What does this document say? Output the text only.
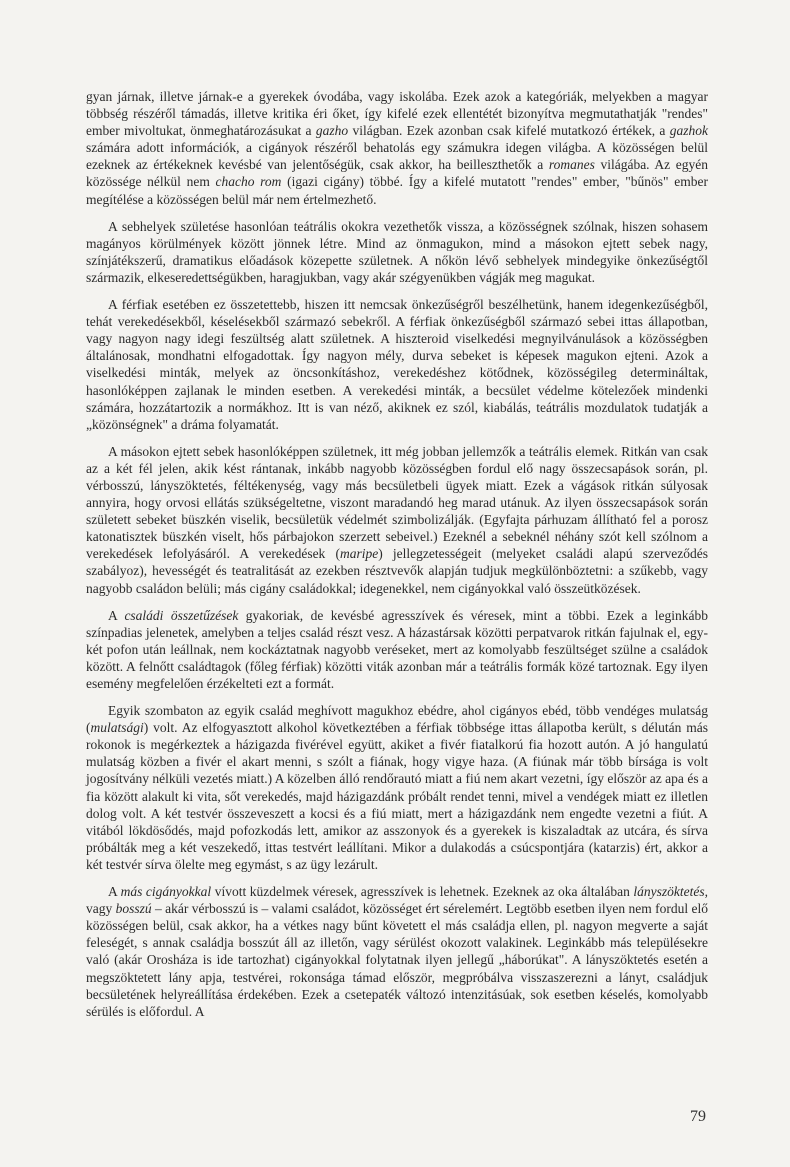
gyan járnak, illetve járnak-e a gyerekek óvodába, vagy iskolába. Ezek azok a kategóriák, melyekben a magyar többség részéről támadás, illetve kritika éri őket, így kifelé ezek ellentétét bizonyítva megmutathatják "rendes" ember mivoltukat, önmeghatározásukat a gazho világban. Ezek azonban csak kifelé mutatkozó értékek, a gazhok számára adott információk, a cigányok részéről behatolás egy számukra idegen világba. A közösségen belül ezeknek az értékeknek kevésbé van jelentőségük, csak akkor, ha beilleszthetők a romanes világába. Az egyén közössége nélkül nem chacho rom (igazi cigány) többé. Így a kifelé mutatott "rendes" ember, "bűnös" ember megítélése a közösségen belül már nem értelmezhető.

A sebhelyek születése hasonlóan teátrális okokra vezethetők vissza, a közösségnek szólnak, hiszen sohasem magányos körülmények között jönnek létre. Mind az önmagukon, mind a másokon ejtett sebek nagy, színjátékszerű, dramatikus előadások közepette születnek. A nőkön lévő sebhelyek mindegyike önkezűségtől származik, elkeseredettségükben, haragjukban, vagy akár szégyenükben vágják meg magukat.

A férfiak esetében ez összetettebb, hiszen itt nemcsak önkezűségről beszélhetünk, hanem idegenkezűségből, tehát verekedésekből, késelésekből származó sebekről. A férfiak önkezűségből származó sebei ittas állapotban, vagy nagyon nagy idegi feszültség alatt születnek. A hiszteroid viselkedési megnyilvánulások a közösségben általánosak, mondhatni elfogadottak. Így nagyon mély, durva sebeket is képesek magukon ejteni. Azok a viselkedési minták, melyek az öncsonkításhoz, verekedéshez kötődnek, közösségileg determináltak, hasonlóképpen zajlanak le minden esetben. A verekedési minták, a becsület védelme kötelezőek mindenki számára, hozzátartozik a normákhoz. Itt is van néző, akiknek ez szól, kiabálás, teátrális mozdulatok tudatják a „közönségnek" a dráma folyamatát.

A másokon ejtett sebek hasonlóképpen születnek, itt még jobban jellemzők a teátrális elemek. Ritkán van csak az a két fél jelen, akik kést rántanak, inkább nagyobb közösségben fordul elő nagy összecsapások során, pl. vérbosszú, lányszöktetés, féltékenység, vagy más becsületbeli ügyek miatt. Ezek a vágások ritkán súlyosak annyira, hogy orvosi ellátás szükségeltetne, viszont maradandó heg marad utánuk. Az ilyen összecsapások során született sebeket büszkén viselik, becsületük védelmét szimbolizálják. (Egyfajta párhuzam állítható fel a porosz katonatisztek büszkén viselt, hős párbajokon szerzett sebeivel.) Ezeknél a sebeknél néhány szót kell szólnom a verekedések lefolyásáról. A verekedések (maripe) jellegzetességeit (melyeket családi alapú szerveződés szabályoz), hevességét és teatralitását az ezekben résztvevők alapján tudjuk megkülönböztetni: a szűkebb, vagy nagyobb családon belüli; más cigány családokkal; idegenekkel, nem cigányokkal való összeütközések.

A családi összetűzések gyakoriak, de kevésbé agresszívek és véresek, mint a többi. Ezek a leginkább színpadias jelenetek, amelyben a teljes család részt vesz. A házastársak közötti perpatvarok ritkán fajulnak el, egy-két pofon után leállnak, nem kockáztatnak nagyobb veréseket, mert az komolyabb feszültséget szülne a családok között. A felnőtt családtagok (főleg férfiak) közötti viták azonban már a teátrális formák közé tartoznak. Egy ilyen esemény megfelelően érzékelteti ezt a formát.

Egyik szombaton az egyik család meghívott magukhoz ebédre, ahol cigányos ebéd, több vendéges mulatság (mulatsági) volt. Az elfogyasztott alkohol következtében a férfiak többsége ittas állapotba került, s délután más rokonok is megérkeztek a házigazda fivérével együtt, akiket a fivér fiatalkorú fia hozott autón. A jó hangulatú mulatság közben a fivér el akart menni, s szólt a fiának, hogy vigye haza. (A fiúnak már több bírsága is volt jogosítvány nélküli vezetés miatt.) A közelben álló rendőrautó miatt a fiú nem akart vezetni, így először az apa és a fia között alakult ki vita, sőt verekedés, majd házigazdánk próbált rendet tenni, mivel a vendégek miatt ez illetlen dolog volt. A két testvér összeveszett a kocsi és a fiú miatt, mert a házigazdánk nem engedte vezetni a fiút. A vitából lökdösődés, majd pofozkodás lett, amikor az asszonyok és a gyerekek is kiszaladtak az utcára, és sírva próbálták meg a két veszekedő, ittas testvért leállítani. Mikor a dulakodás a csúcspontjára (katarzis) ért, akkor a két testvér sírva ölelte meg egymást, s az ügy lezárult.

A más cigányokkal vívott küzdelmek véresek, agresszívek is lehetnek. Ezeknek az oka általában lányszöktetés, vagy bosszú – akár vérbosszú is – valami családot, közösséget ért sérelemért. Legtöbb esetben ilyen nem fordul elő közösségen belül, csak akkor, ha a vétkes nagy bűnt követett el más családja ellen, pl. nagyon megverte a saját feleségét, s annak családja bosszút áll az illetőn, vagy sérülést okozott valakinek. Leginkább más településekre való (akár Orosháza is ide tartozhat) cigányokkal folytatnak ilyen jellegű „háborúkat". A lányszöktetés esetén a megszöktetett lány apja, testvérei, rokonsága támad először, megpróbálva visszaszerezni a lányt, családjuk becsületének helyreállítása érdekében. Ezek a csetepaték változó intenzitásúak, sok esetben késelés, komolyabb sérülés is előfordul. A

79
